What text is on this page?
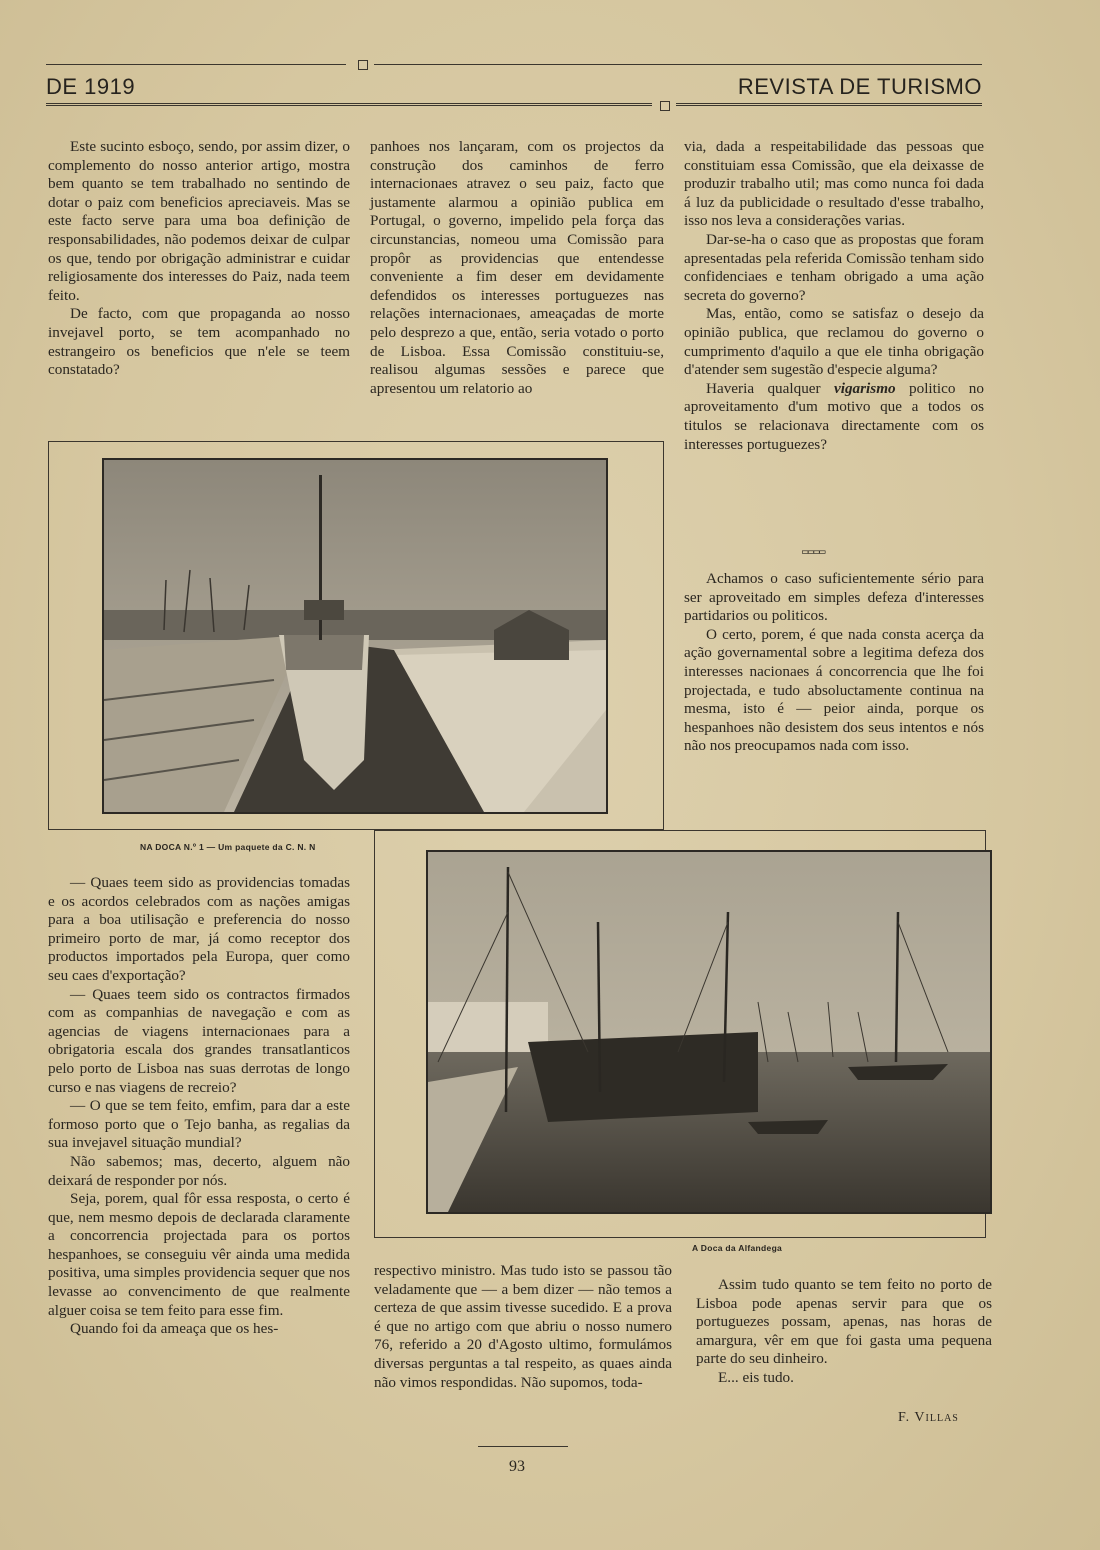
DE 1919	REVISTA DE TURISMO

Este sucinto esboço, sendo, por assim dizer, o complemento do nosso anterior artigo, mostra bem quanto se tem trabalhado no sentindo de dotar o paiz com beneficios apreciaveis. Mas se este facto serve para uma boa definição de responsabilidades, não podemos deixar de culpar os que, tendo por obrigação administrar e cuidar religiosamente dos interesses do Paiz, nada teem feito.

De facto, com que propaganda ao nosso invejavel porto, se tem acompanhado no estrangeiro os beneficios que n'ele se teem constatado?

panhoes nos lançaram, com os projectos da construção dos caminhos de ferro internacionaes atravez o seu paiz, facto que justamente alarmou a opinião publica em Portugal, o governo, impelido pela força das circunstancias, nomeou uma Comissão para propôr as providencias que entendesse conveniente a fim deser em devidamente defendidos os interesses portuguezes nas relações internacionaes, ameaçadas de morte pelo desprezo a que, então, seria votado o porto de Lisboa. Essa Comissão constituiu-se, realisou algumas sessões e parece que apresentou um relatorio ao

via, dada a respeitabilidade das pessoas que constituiam essa Comissão, que ela deixasse de produzir trabalho util; mas como nunca foi dada á luz da publicidade o resultado d'esse trabalho, isso nos leva a considerações varias.

Dar-se-ha o caso que as propostas que foram apresentadas pela referida Comissão tenham sido confidenciaes e tenham obrigado a uma ação secreta do governo?

Mas, então, como se satisfaz o desejo da opinião publica, que reclamou do governo o cumprimento d'aquilo a que ele tinha obrigação d'atender sem sugestão d'especie alguma?

Haveria qualquer vigarismo politico no aproveitamento d'um motivo que a todos os titulos se relacionava directamente com os interesses portuguezes?

▭▭▭▭

Achamos o caso suficientemente sério para ser aproveitado em simples defeza d'interesses partidarios ou politicos.

O certo, porem, é que nada consta acerça da ação governamental sobre a legitima defeza dos interesses nacionaes á concorrencia que lhe foi projectada, e tudo absoluctamente continua na mesma, isto é — peior ainda, porque os hespanhoes não desistem dos seus intentos e nós não nos preocupamos nada com isso.

NA DOCA N.º 1 — Um paquete da C. N. N
A Doca da Alfandega

— Quaes teem sido as providencias tomadas e os acordos celebrados com as nações amigas para a boa utilisação e preferencia do nosso primeiro porto de mar, já como receptor dos productos importados pela Europa, quer como seu caes d'exportação?

— Quaes teem sido os contractos firmados com as companhias de navegação e com as agencias de viagens internacionaes para a obrigatoria escala dos grandes transatlanticos pelo porto de Lisboa nas suas derrotas de longo curso e nas viagens de recreio?

— O que se tem feito, emfim, para dar a este formoso porto que o Tejo banha, as regalias da sua invejavel situação mundial?

Não sabemos; mas, decerto, alguem não deixará de responder por nós.

Seja, porem, qual fôr essa resposta, o certo é que, nem mesmo depois de declarada claramente a concorrencia projectada para os portos hespanhoes, se conseguiu vêr ainda uma medida positiva, uma simples providencia sequer que nos levasse ao convencimento de que realmente alguer coisa se tem feito para esse fim.

Quando foi da ameaça que os hes-

respectivo ministro. Mas tudo isto se passou tão veladamente que — a bem dizer — não temos a certeza de que assim tivesse sucedido. E a prova é que no artigo com que abriu o nosso numero 76, referido a 20 d'Agosto ultimo, formulámos diversas perguntas a tal respeito, as quaes ainda não vimos respondidas. Não supomos, toda-

Assim tudo quanto se tem feito no porto de Lisboa pode apenas servir para que os portuguezes possam, apenas, nas horas de amargura, vêr em que foi gasta uma pequena parte do seu dinheiro.

E... eis tudo.

F. Villas
93
